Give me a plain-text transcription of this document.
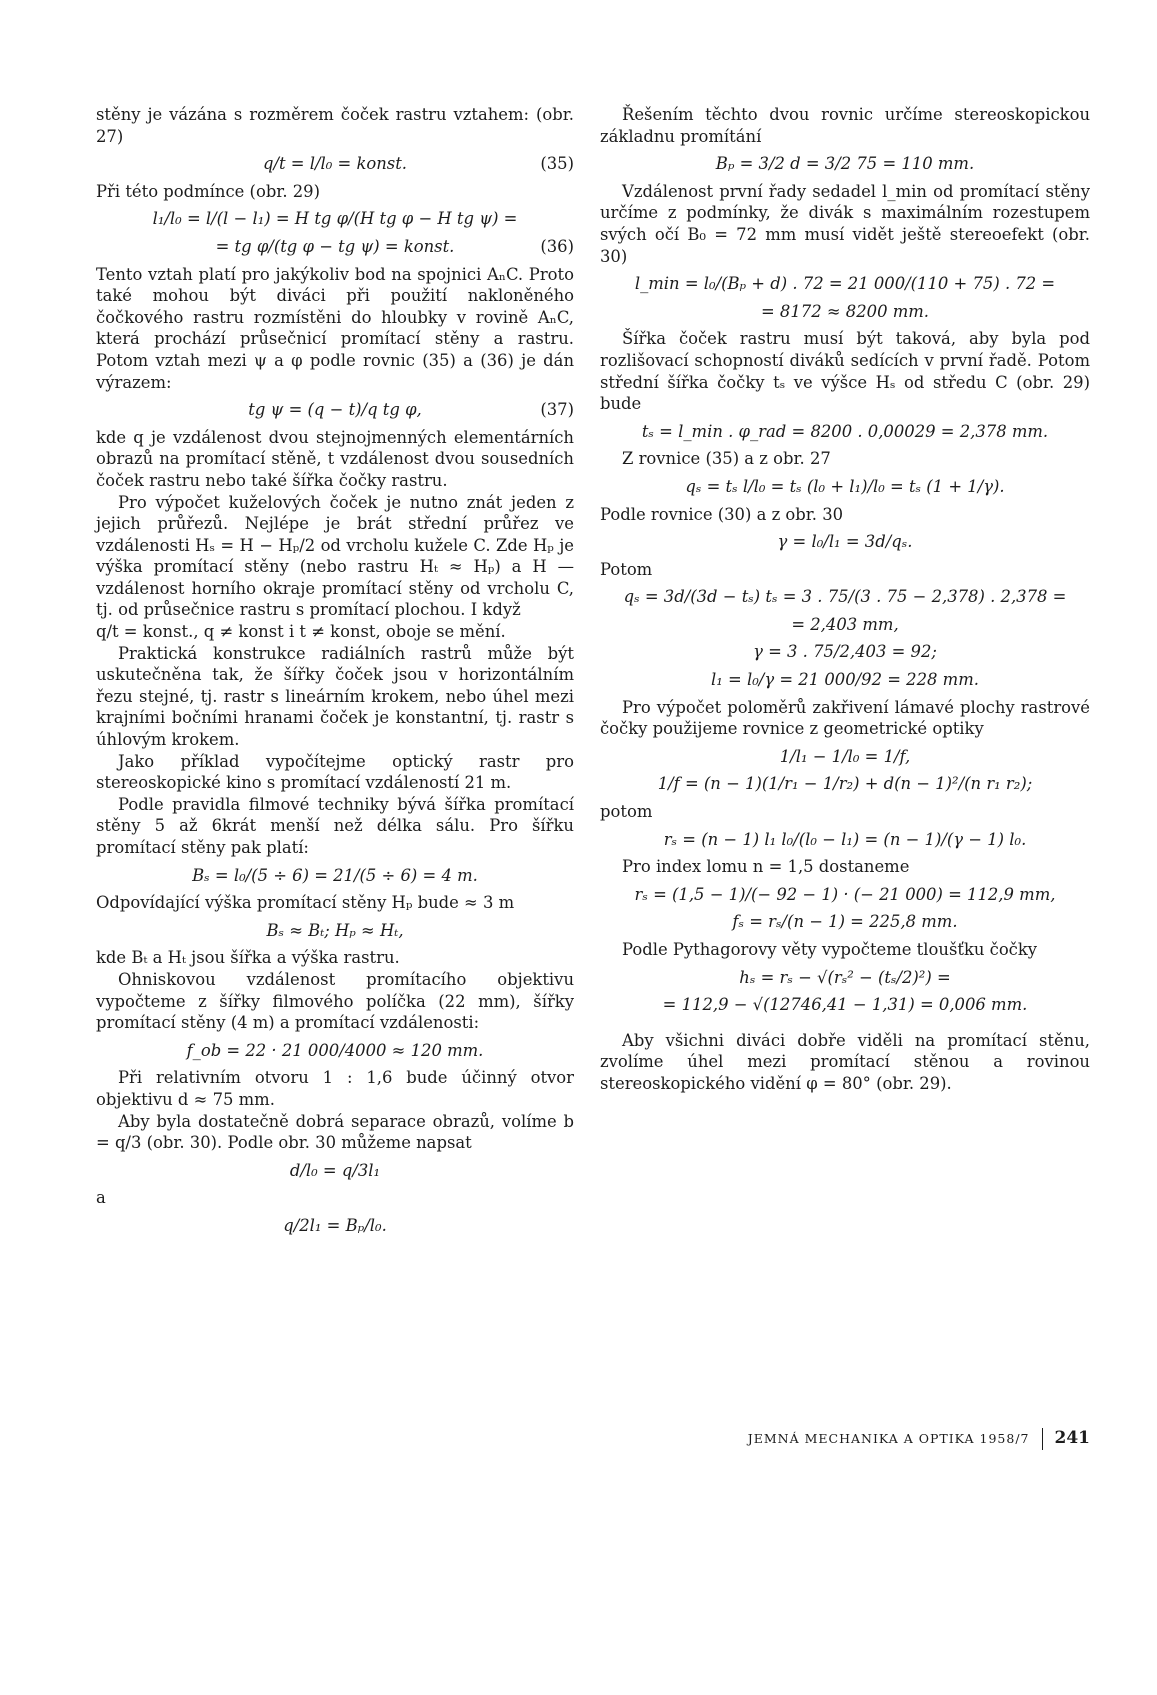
stěny je vázána s rozměrem čoček rastru vztahem: (obr. 27)

q/t = l/l₀ = konst.	(35)

Při této podmínce (obr. 29)

l₁/l₀ = l/(l − l₁) = H tg φ/(H tg φ − H tg ψ) =
= tg φ/(tg φ − tg ψ) = konst.	(36)

Tento vztah platí pro jakýkoliv bod na spojnici AₙC. Proto také mohou být diváci při použití nakloněného čočkového rastru rozmístěni do hloubky v rovině AₙC, která prochází průsečnicí promítací stěny a rastru. Potom vztah mezi ψ a φ podle rovnic (35) a (36) je dán výrazem:

tg ψ = (q − t)/q tg φ,	(37)

kde q je vzdálenost dvou stejnojmenných elementárních obrazů na promítací stěně, t vzdálenost dvou sousedních čoček rastru nebo také šířka čočky rastru.

Pro výpočet kuželových čoček je nutno znát jeden z jejich průřezů. Nejlépe je brát střední průřez ve vzdálenosti Hₛ = H − Hₚ/2 od vrcholu kužele C. Zde Hₚ je výška promítací stěny (nebo rastru Hₜ ≈ Hₚ) a H — vzdálenost horního okraje promítací stěny od vrcholu C, tj. od průsečnice rastru s promítací plochou. I když

q/t = konst., q ≠ konst i t ≠ konst, oboje se mění.

Praktická konstrukce radiálních rastrů může být uskutečněna tak, že šířky čoček jsou v horizontálním řezu stejné, tj. rastr s lineárním krokem, nebo úhel mezi krajními bočními hranami čoček je konstantní, tj. rastr s úhlovým krokem.

Jako příklad vypočítejme optický rastr pro stereoskopické kino s promítací vzdáleností 21 m.

Podle pravidla filmové techniky bývá šířka promítací stěny 5 až 6krát menší než délka sálu. Pro šířku promítací stěny pak platí:

Bₛ = l₀/(5 ÷ 6) = 21/(5 ÷ 6) = 4 m.

Odpovídající výška promítací stěny Hₚ bude ≈ 3 m

Bₛ ≈ Bₜ; Hₚ ≈ Hₜ,

kde Bₜ a Hₜ jsou šířka a výška rastru.

Ohniskovou vzdálenost promítacího objektivu vypočteme z šířky filmového políčka (22 mm), šířky promítací stěny (4 m) a promítací vzdálenosti:

f_ob = 22 · 21 000/4000 ≈ 120 mm.

Při relativním otvoru 1 : 1,6 bude účinný otvor objektivu d ≈ 75 mm.

Aby byla dostatečně dobrá separace obrazů, volíme b = q/3 (obr. 30). Podle obr. 30 můžeme napsat

d/l₀ = q/3l₁

a

q/2l₁ = Bₚ/l₀.

Řešením těchto dvou rovnic určíme stereoskopickou základnu promítání

Bₚ = 3/2 d = 3/2 75 = 110 mm.

Vzdálenost první řady sedadel l_min od promítací stěny určíme z podmínky, že divák s maximálním rozestupem svých očí B₀ = 72 mm musí vidět ještě stereoefekt (obr. 30)

l_min = l₀/(Bₚ + d) . 72 = 21 000/(110 + 75) . 72 =
= 8172 ≈ 8200 mm.

Šířka čoček rastru musí být taková, aby byla pod rozlišovací schopností diváků sedících v první řadě. Potom střední šířka čočky tₛ ve výšce Hₛ od středu C (obr. 29) bude

tₛ = l_min . φ_rad = 8200 . 0,00029 = 2,378 mm.

Z rovnice (35) a z obr. 27

qₛ = tₛ l/l₀ = tₛ (l₀ + l₁)/l₀ = tₛ (1 + 1/γ).

Podle rovnice (30) a z obr. 30

γ = l₀/l₁ = 3d/qₛ.

Potom

qₛ = 3d/(3d − tₛ) tₛ = 3 . 75/(3 . 75 − 2,378) . 2,378 =
= 2,403 mm,
γ = 3 . 75/2,403 = 92;
l₁ = l₀/γ = 21 000/92 = 228 mm.

Pro výpočet poloměrů zakřivení lámavé plochy rastrové čočky použijeme rovnice z geometrické optiky

1/l₁ − 1/l₀ = 1/f,
1/f = (n − 1)(1/r₁ − 1/r₂) + d(n − 1)²/(n r₁ r₂);

potom

rₛ = (n − 1) l₁ l₀/(l₀ − l₁) = (n − 1)/(γ − 1) l₀.

Pro index lomu n = 1,5 dostaneme

rₛ = (1,5 − 1)/(− 92 − 1) · (− 21 000) = 112,9 mm,
fₛ = rₛ/(n − 1) = 225,8 mm.

Podle Pythagorovy věty vypočteme tloušťku čočky

hₛ = rₛ − √(rₛ² − (tₛ/2)²) =
= 112,9 − √(12746,41 − 1,31) = 0,006 mm.

Aby všichni diváci dobře viděli na promítací stěnu, zvolíme úhel mezi promítací stěnou a rovinou stereoskopického vidění φ = 80° (obr. 29).

JEMNÁ MECHANIKA A OPTIKA 1958/7 241
